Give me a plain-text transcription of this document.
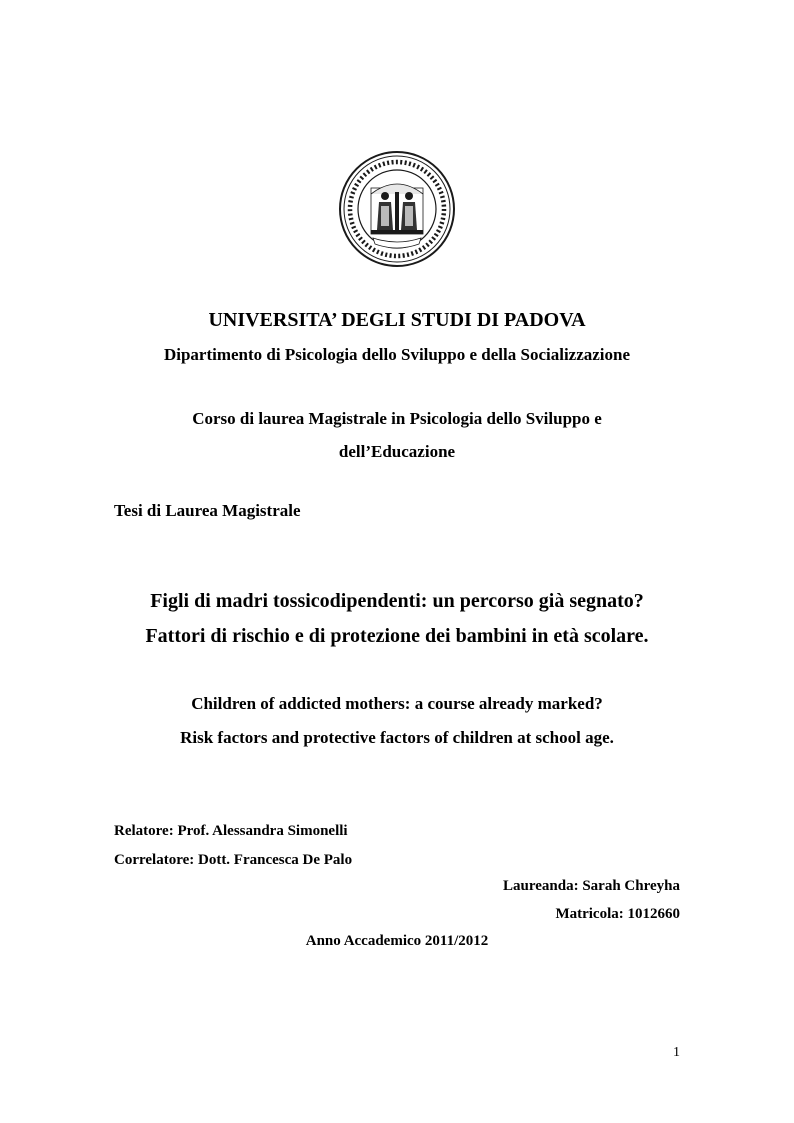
UNIVERSITA’ DEGLI STUDI DI PADOVA
Dipartimento di Psicologia dello Sviluppo e della Socializzazione
Corso di laurea Magistrale in Psicologia dello Sviluppo e
dell’Educazione
Tesi di Laurea Magistrale
Figli di madri tossicodipendenti: un percorso già segnato?
Fattori di rischio e di protezione dei bambini in età scolare.
Children of addicted mothers: a course already marked?
Risk factors and protective factors of children at school age.
Relatore: Prof. Alessandra Simonelli
Correlatore: Dott. Francesca De Palo
Laureanda: Sarah Chreyha
Matricola: 1012660
Anno Accademico 2011/2012
1
